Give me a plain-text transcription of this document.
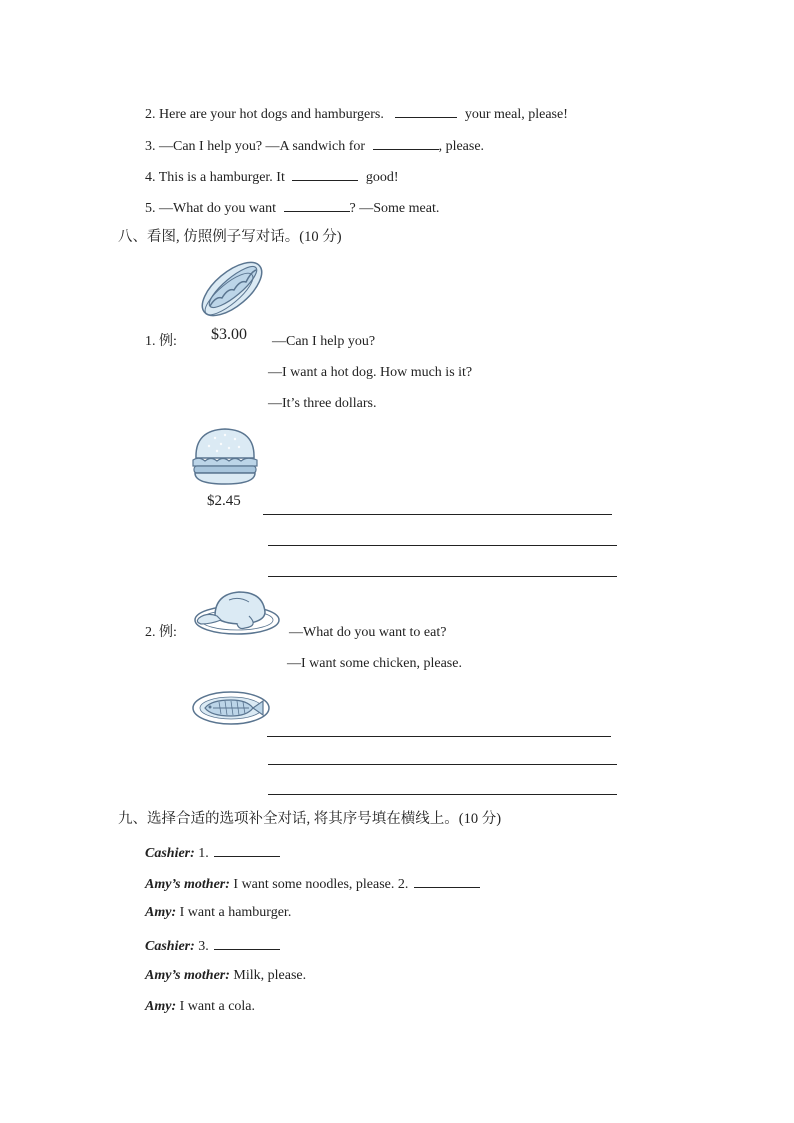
2. Here are your hot dogs and hamburgers.	your meal, please!
3. —Can I help you? —A sandwich for	, please.
4. This is a hamburger. It	good!
5. —What do you want	? —Some meat.
八、看图, 仿照例子写对话。(10 分)
$3.00
1. 例:	—Can I help you?
—I want a hot dog. How much is it?
—It’s three dollars.
$2.45
2. 例:	—What do you want to eat?
—I want some chicken, please.
九、选择合适的选项补全对话, 将其序号填在横线上。(10 分)
Cashier: 1.
Amy’s mother: I want some noodles, please. 2.
Amy: I want a hamburger.
Cashier: 3.
Amy’s mother: Milk, please.
Amy: I want a cola.
